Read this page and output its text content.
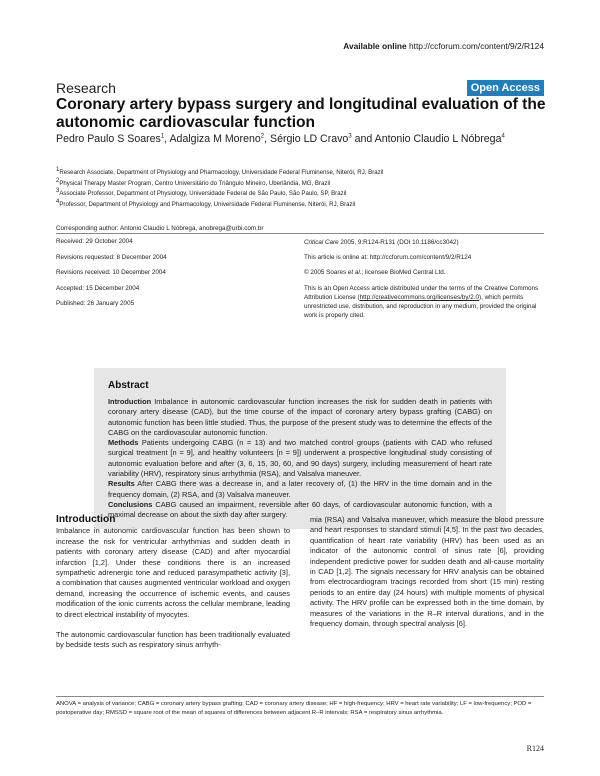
Available online http://ccforum.com/content/9/2/R124
Research	Open Access
Coronary artery bypass surgery and longitudinal evaluation of the autonomic cardiovascular function
Pedro Paulo S Soares$^1$, Adalgiza M Moreno$^2$, Sérgio LD Cravo$^3$ and Antonio Claudio L Nóbrega$^4$
$^1$Research Associate, Department of Physiology and Pharmacology, Universidade Federal Fluminense, Niterói, RJ, Brazil
$^2$Physical Therapy Master Program, Centro Universitário do Triângulo Mineiro, Uberlândia, MG, Brazil
$^3$Associate Professor, Department of Physiology, Universidade Federal de São Paulo, São Paulo, SP, Brazil
$^4$Professor, Department of Physiology and Pharmacology, Universidade Federal Fluminense, Niterói, RJ, Brazil
Corresponding author: Antonio Claudio L Nóbrega, anobrega@urbi.com.br
Received: 29 October 2004
Revisions requested: 8 December 2004
Revisions received: 10 December 2004
Accepted: 15 December 2004
Published: 26 January 2005

Critical Care 2005, 9:R124-R131 (DOI 10.1186/cc3042)

This article is online at: http://ccforum.com/content/9/2/R124

© 2005 Soares et al.; licensee BioMed Central Ltd.

This is an Open Access article distributed under the terms of the Creative Commons Attribution License (http://creativecommons.org/licenses/by/2.0), which permits unrestricted use, distribution, and reproduction in any medium, provided the original work is properly cited.

Abstract

Introduction Imbalance in autonomic cardiovascular function increases the risk for sudden death in patients with coronary artery disease (CAD), but the time course of the impact of coronary artery bypass grafting (CABG) on autonomic function has been little studied. Thus, the purpose of the present study was to determine the effects of the CABG on the cardiovascular autonomic function.

Methods Patients undergoing CABG (n = 13) and two matched control groups (patients with CAD who refused surgical treatment [n = 9], and healthy volunteers [n = 9]) underwent a prospective longitudinal study consisting of autonomic evaluation before and after (3, 6, 15, 30, 60, and 90 days) surgery, including measurement of heart rate variability (HRV), respiratory sinus arrhythmia (RSA), and Valsalva maneuver.

Results After CABG there was a decrease in, and a later recovery of, (1) the HRV in the time domain and in the frequency domain, (2) RSA, and (3) Valsalva maneuver.

Conclusions CABG caused an impairment, reversible after 60 days, of cardiovascular autonomic function, with a maximal decrease on about the sixth day after surgery.

Introduction

Imbalance in autonomic cardiovascular function has been shown to increase the risk for ventricular arrhythmias and sudden death in patients with coronary artery disease (CAD) and after myocardial infarction [1,2]. Under these conditions there is an increased sympathetic adrenergic tone and reduced parasympathetic activity [3], a combination that causes augmented ventricular workload and oxygen demand, increasing the occurrence of ischemic events, and causes modification of the ionic currents across the cellular membrane, leading to direct electrical instability of myocytes.

The autonomic cardiovascular function has been traditionally evaluated by bedside tests such as respiratory sinus arrhyth-

mia (RSA) and Valsalva maneuver, which measure the blood pressure and heart responses to standard stimuli [4,5]. In the past two decades, quantification of heart rate variability (HRV) has been used as an indicator of the autonomic control of sinus rate [6], providing independent predictive power for sudden death and all-cause mortality in CAD [1,2]. The signals necessary for HRV analysis can be obtained from electrocardiogram tracings recorded from short (15 min) resting periods to an entire day (24 hours) with multiple moments of physical activity. The HRV profile can be expressed both in the time domain, by measures of the variations in the R–R interval durations, and in the frequency domain, through spectral analysis [6].

ANOVA = analysis of variance; CABG = coronary artery bypass grafting; CAD = coronary artery disease; HF = high-frequency; HRV = heart rate variability; LF = low-frequency; POD = postoperative day; RMSSD = square root of the mean of squares of differences between adjacent R–R intervals; RSA = respiratory sinus arrhythmia.
R124
